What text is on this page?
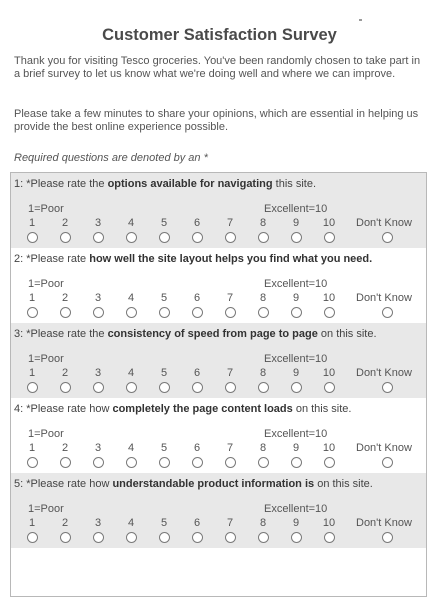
Customer Satisfaction Survey

Thank you for visiting Tesco groceries. You've been randomly chosen to take part in a brief survey to let us know what we're doing well and where we can improve.

Please take a few minutes to share your opinions, which are essential in helping us provide the best online experience possible.

Required questions are denoted by an *

1: *Please rate the options available for navigating this site.
1=Poor	Excellent=10
1	2	3	4	5	6	7	8	9	10	Don't Know
2: *Please rate how well the site layout helps you find what you need.
1=Poor	Excellent=10
1	2	3	4	5	6	7	8	9	10	Don't Know
3: *Please rate the consistency of speed from page to page on this site.
1=Poor	Excellent=10
1	2	3	4	5	6	7	8	9	10	Don't Know
4: *Please rate how completely the page content loads on this site.
1=Poor	Excellent=10
1	2	3	4	5	6	7	8	9	10	Don't Know
5: *Please rate how understandable product information is on this site.
1=Poor	Excellent=10
1	2	3	4	5	6	7	8	9	10	Don't Know
